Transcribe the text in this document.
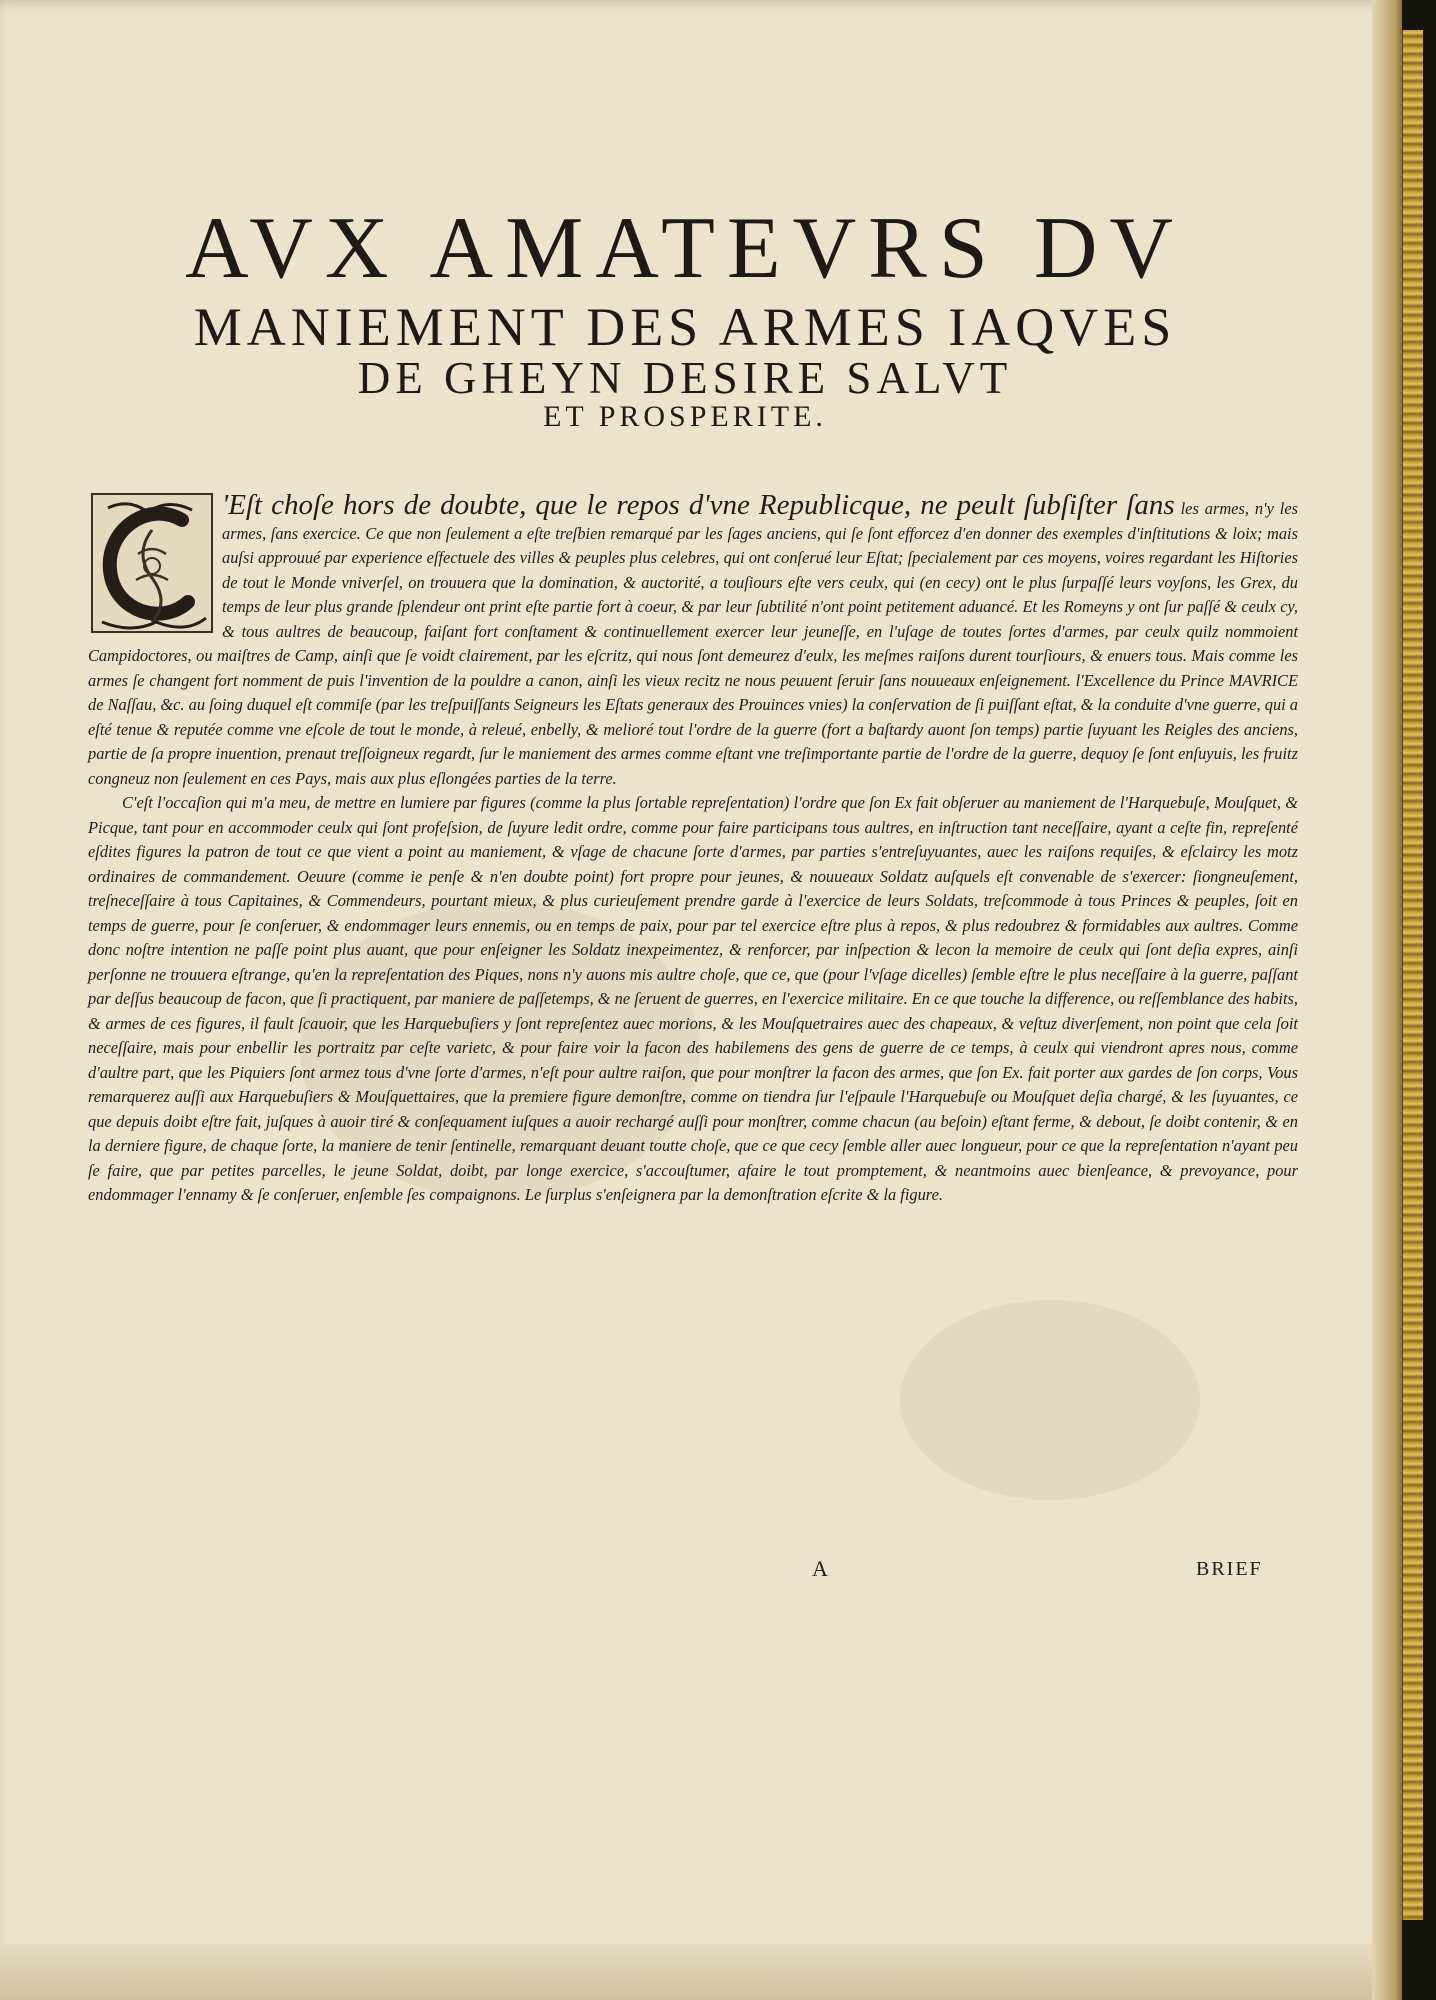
AVX AMATEVRS DV
MANIEMENT DES ARMES IAQVES
DE GHEYN DESIRE SALVT
ET PROSPERITE.

'Eſt choſe hors de doubte, que le repos d'vne Republicque, ne peult ſubſiſter ſans les armes, n'y les armes, ſans exercice. Ce que non ſeulement a eſte treſbien remarqué par les ſages anciens, qui ſe ſont efforcez d'en donner des exemples d'inſtitutions & loix; mais auſsi approuué par experience eſfectuele des villes & peuples plus celebres, qui ont conſerué leur Eſtat; ſpecialement par ces moyens, voires regardant les Hiſtories de tout le Monde vniverſel, on trouuera que la domination, & auctorité, a touſiours eſte vers ceulx, qui (en cecy) ont le plus ſurpaſſé leurs voyſons, les Grex, du temps de leur plus grande ſplendeur ont print eſte partie fort à coeur, & par leur ſubtilité n'ont point petitement aduancé. Et les Romeyns y ont ſur paſſé & ceulx cy, & tous aultres de beaucoup, faiſant fort conſtament & continuellement exercer leur jeuneſſe, en l'uſage de toutes ſortes d'armes, par ceulx quilz nommoient Campidoctores, ou maiſtres de Camp, ainſi que ſe voidt clairement, par les eſcritz, qui nous ſont demeurez d'eulx, les meſmes raiſons durent tourſiours, & enuers tous. Mais comme les armes ſe changent fort nomment de puis l'invention de la pouldre a canon, ainſi les vieux recitz ne nous peuuent ſeruir ſans nouueaux enſeignement. l'Excellence du Prince MAVRICE de Naſſau, &c. au ſoing duquel eſt commiſe (par les treſpuiſſants Seigneurs les Eſtats generaux des Prouinces vnies) la conſervation de ſi puiſſant eſtat, & la conduite d'vne guerre, qui a eſté tenue & reputée comme vne eſcole de tout le monde, à releué, enbelly, & melioré tout l'ordre de la guerre (fort a baſtardy auont ſon temps) partie ſuyuant les Reigles des anciens, partie de ſa propre inuention, prenaut treſſoigneux regardt, ſur le maniement des armes comme eſtant vne treſimportante partie de l'ordre de la guerre, dequoy ſe ſont enſuyuis, les fruitz congneuz non ſeulement en ces Pays, mais aux plus eſlongées parties de la terre.

C'eſt l'occaſion qui m'a meu, de mettre en lumiere par figures (comme la plus ſortable repreſentation) l'ordre que ſon Ex fait obſeruer au maniement de l'Harquebuſe, Mouſquet, & Picque, tant pour en accommoder ceulx qui ſont profeſsion, de ſuyure ledit ordre, comme pour faire participans tous aultres, en inſtruction tant neceſſaire, ayant a ceſte fin, repreſenté eſdites figures la patron de tout ce que vient a point au maniement, & vſage de chacune ſorte d'armes, par parties s'entreſuyuantes, auec les raiſons requiſes, & eſclaircy les motz ordinaires de commandement. Oeuure (comme ie penſe & n'en doubte point) fort propre pour jeunes, & nouueaux Soldatz auſquels eſt convenable de s'exercer: ſiongneuſement, treſneceſſaire à tous Capitaines, & Commendeurs, pourtant mieux, & plus curieuſement prendre garde à l'exercice de leurs Soldats, treſcommode à tous Princes & peuples, ſoit en temps de guerre, pour ſe conſeruer, & endommager leurs ennemis, ou en temps de paix, pour par tel exercice eſtre plus à repos, & plus redoubrez & formidables aux aultres. Comme donc noſtre intention ne paſſe point plus auant, que pour enſeigner les Soldatz inexpeimentez, & renforcer, par inſpection & lecon la memoire de ceulx qui ſont deſia expres, ainſi perſonne ne trouuera eſtrange, qu'en la repreſentation des Piques, nons n'y auons mis aultre choſe, que ce, que (pour l'vſage dicelles) ſemble eſtre le plus neceſſaire à la guerre, paſſant par deſſus beaucoup de facon, que ſi practiquent, par maniere de paſſetemps, & ne ſeruent de guerres, en l'exercice militaire. En ce que touche la difference, ou reſſemblance des habits, & armes de ces figures, il fault ſcauoir, que les Harquebuſiers y ſont repreſentez auec morions, & les Mouſquetraires auec des chapeaux, & veſtuz diverſement, non point que cela ſoit neceſſaire, mais pour enbellir les portraitz par ceſte varietc, & pour faire voir la facon des habilemens des gens de guerre de ce temps, à ceulx qui viendront apres nous, comme d'aultre part, que les Piquiers ſont armez tous d'vne ſorte d'armes, n'eſt pour aultre raiſon, que pour monſtrer la facon des armes, que ſon Ex. fait porter aux gardes de ſon corps, Vous remarquerez auſſi aux Harquebuſiers & Mouſquettaires, que la premiere figure demonſtre, comme on tiendra ſur l'eſpaule l'Harquebuſe ou Mouſquet deſia chargé, & les ſuyuantes, ce que depuis doibt eſtre fait, juſques à auoir tiré & conſequament iuſques a auoir rechargé auſſi pour monſtrer, comme chacun (au beſoin) eſtant ferme, & debout, ſe doibt contenir, & en la derniere figure, de chaque ſorte, la maniere de tenir ſentinelle, remarquant deuant toutte choſe, que ce que cecy ſemble aller auec longueur, pour ce que la repreſentation n'ayant peu ſe faire, que par petites parcelles, le jeune Soldat, doibt, par longe exercice, s'accouſtumer, afaire le tout promptement, & neantmoins auec bienſeance, & prevoyance, pour endommager l'ennamy & ſe conſeruer, enſemble ſes compaignons. Le ſurplus s'enſeignera par la demonſtration eſcrite & la figure.

A	BRIEF
